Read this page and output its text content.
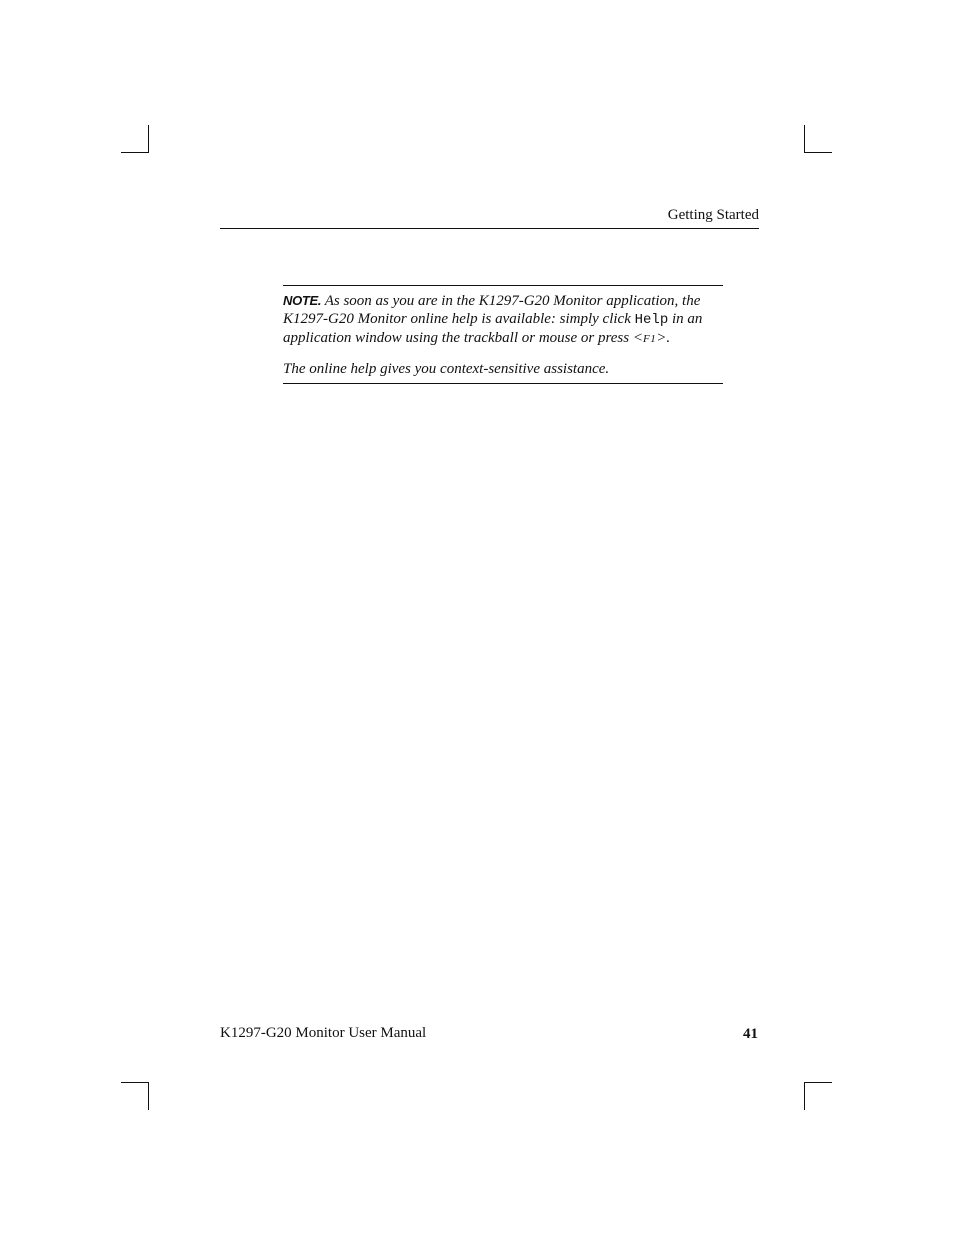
Getting Started

NOTE. As soon as you are in the K1297-G20 Monitor application, the
K1297-G20 Monitor online help is available: simply click Help in an
application window using the trackball or mouse or press <F1>.

The online help gives you context-sensitive assistance.

K1297-G20 Monitor User Manual	41
